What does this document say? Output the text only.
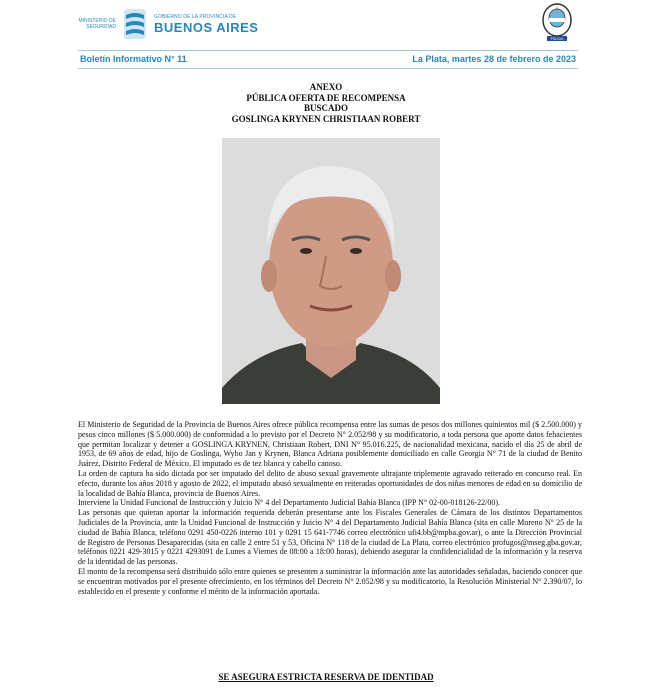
MINISTERIO DE SEGURIDAD
GOBIERNO DE LA PROVINCIA DE
BUENOS AIRES
POLICIA
Boletín Informativo N° 11	La Plata, martes 28 de febrero de 2023
ANEXO
PÚBLICA OFERTA DE RECOMPENSA
BUSCADO
GOSLINGA KRYNEN CHRISTIAAN ROBERT

El Ministerio de Seguridad de la Provincia de Buenos Aires ofrece pública recompensa entre las sumas de pesos dos millones quinientos mil ($ 2.500.000) y pesos cinco millones ($ 5.000.000) de conformidad a lo previsto por el Decreto N° 2.052/98 y su modificatorio, a toda persona que aporte datos fehacientes que permitan localizar y detener a GOSLINGA KRYNEN, Christiaan Robert, DNI N° 95.016.225, de nacionalidad mexicana, nacido el día 25 de abril de 1953, de 69 años de edad, hijo de Goslinga, Wybo Jan y Krynen, Blanca Adriana posiblemente domiciliado en calle Georgia N° 71 de la ciudad de Benito Juárez, Distrito Federal de México. El imputado es de tez blanca y cabello canoso.

La orden de captura ha sido dictada por ser imputado del delito de abuso sexual gravemente ultrajante triplemente agravado reiterado en concurso real. En efecto, durante los años 2018 y agosto de 2022, el imputado abusó sexualmente en reiteradas oportunidades de dos niñas menores de edad en su domicilio de la localidad de Bahía Blanca, provincia de Buenos Aires.

Interviene la Unidad Funcional de Instrucción y Juicio N° 4 del Departamento Judicial Bahía Blanca (IPP N° 02-00-018126-22/00).

Las personas que quieran aportar la información requerida deberán presentarse ante los Fiscales Generales de Cámara de los distintos Departamentos Judiciales de la Provincia, ante la Unidad Funcional de Instrucción y Juicio N° 4 del Departamento Judicial Bahía Blanca (sita en calle Moreno N° 25 de la ciudad de Bahía Blanca, teléfono 0291 450-0226 interno 101 y 0291 15 641-7746 correo electrónico ufi4.bb@mpba.gov.ar), o ante la Dirección Provincial de Registro de Personas Desaparecidas (sita en calle 2 entre 51 y 53, Oficina N° 118 de la ciudad de La Plata, correo electrónico profugos@mseg.gba.gov.ar, teléfonos 0221 429-3015 y 0221 4293091 de Lunes a Viernes de 08:00 a 18:00 horas), debiendo asegurar la confidencialidad de la información y la reserva de la identidad de las personas.

El monto de la recompensa será distribuido sólo entre quienes se presenten a suministrar la información ante las autoridades señaladas, haciendo conocer que se encuentran motivados por el presente ofrecimiento, en los términos del Decreto N° 2.052/98 y su modificatorio, la Resolución Ministerial N° 2.390/07, lo establecido en el presente y conforme el mérito de la información aportada.

SE ASEGURA ESTRICTA RESERVA DE IDENTIDAD
